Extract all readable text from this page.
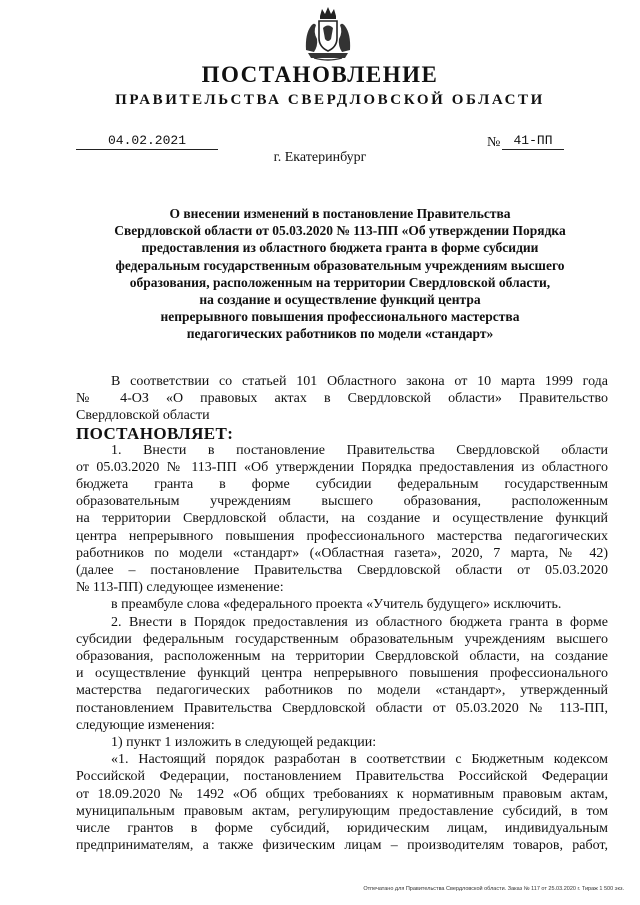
ПОСТАНОВЛЕНИЕ
ПРАВИТЕЛЬСТВА СВЕРДЛОВСКОЙ ОБЛАСТИ
04.02.2021	№	41-ПП
г. Екатеринбург
О внесении изменений в постановление Правительства
Свердловской области от 05.03.2020 № 113-ПП «Об утверждении Порядка
предоставления из областного бюджета гранта в форме субсидии
федеральным государственным образовательным учреждениям высшего
образования, расположенным на территории Свердловской области,
на создание и осуществление функций центра
непрерывного повышения профессионального мастерства
педагогических работников по модели «стандарт»
В соответствии со статьей 101 Областного закона от 10 марта 1999 года
№ 4-ОЗ «О правовых актах в Свердловской области» Правительство
Свердловской области
ПОСТАНОВЛЯЕТ:
1. Внести в постановление Правительства Свердловской области
от 05.03.2020 № 113-ПП «Об утверждении Порядка предоставления из областного
бюджета гранта в форме субсидии федеральным государственным
образовательным учреждениям высшего образования, расположенным
на территории Свердловской области, на создание и осуществление функций
центра непрерывного повышения профессионального мастерства педагогических
работников по модели «стандарт» («Областная газета», 2020, 7 марта, № 42)
(далее – постановление Правительства Свердловской области от 05.03.2020
№ 113-ПП) следующее изменение:
в преамбуле слова «федерального проекта «Учитель будущего» исключить.
2. Внести в Порядок предоставления из областного бюджета гранта в форме
субсидии федеральным государственным образовательным учреждениям высшего
образования, расположенным на территории Свердловской области, на создание
и осуществление функций центра непрерывного повышения профессионального
мастерства педагогических работников по модели «стандарт», утвержденный
постановлением Правительства Свердловской области от 05.03.2020 № 113-ПП,
следующие изменения:
1) пункт 1 изложить в следующей редакции:
«1. Настоящий порядок разработан в соответствии с Бюджетным кодексом
Российской Федерации, постановлением Правительства Российской Федерации
от 18.09.2020 № 1492 «Об общих требованиях к нормативным правовым актам,
муниципальным правовым актам, регулирующим предоставление субсидий, в том
числе грантов в форме субсидий, юридическим лицам, индивидуальным
предпринимателям, а также физическим лицам – производителям товаров, работ,
Отпечатано для Правительства Свердловской области. Заказ № 117 от 25.03.2020 г. Тираж 1 500 экз.
